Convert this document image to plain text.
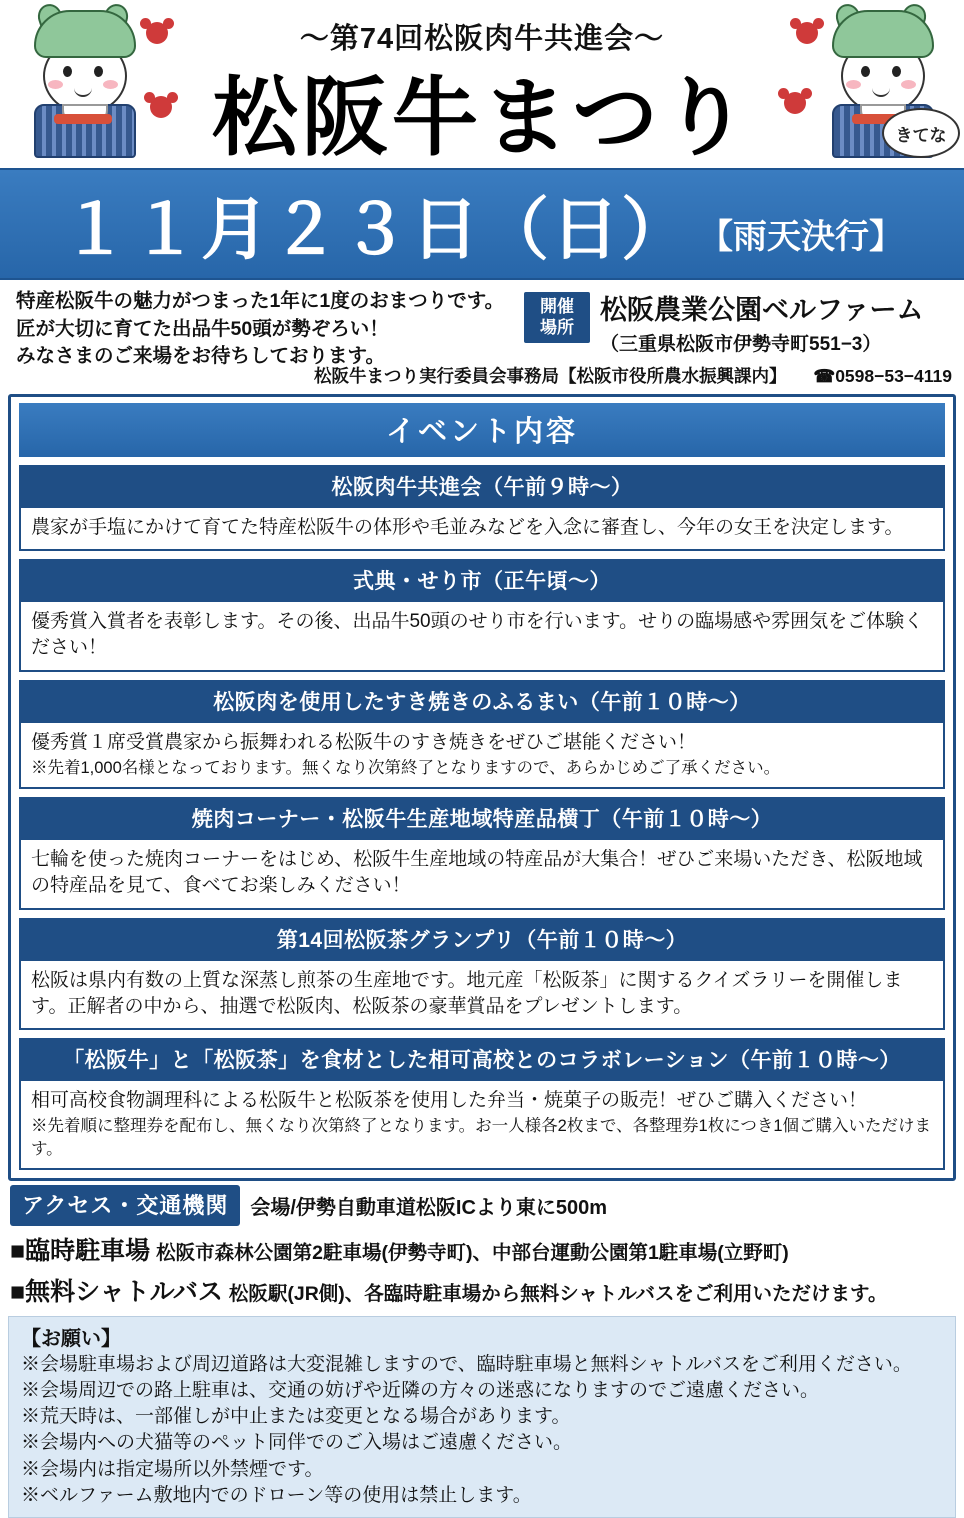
きてな
〜第74回松阪肉牛共進会〜
松阪牛まつり
１１月２３日（日） 【雨天決行】
特産松阪牛の魅力がつまった1年に1度のおまつりです。
匠が大切に育てた出品牛50頭が勢ぞろい！
みなさまのご来場をお待ちしております。
開催
場所
松阪農業公園ベルファーム
（三重県松阪市伊勢寺町551−3）
松阪牛まつり実行委員会事務局【松阪市役所農水振興課内】 ☎0598−53−4119
イベント内容
松阪肉牛共進会（午前９時〜）
農家が手塩にかけて育てた特産松阪牛の体形や毛並みなどを入念に審査し、今年の女王を決定します。
式典・せり市（正午頃〜）
優秀賞入賞者を表彰します。その後、出品牛50頭のせり市を行います。せりの臨場感や雰囲気をご体験ください！
松阪肉を使用したすき焼きのふるまい（午前１０時〜）
優秀賞１席受賞農家から振舞われる松阪牛のすき焼きをぜひご堪能ください！
※先着1,000名様となっております。無くなり次第終了となりますので、あらかじめご了承ください。
焼肉コーナー・松阪牛生産地域特産品横丁（午前１０時〜）
七輪を使った焼肉コーナーをはじめ、松阪牛生産地域の特産品が大集合！ぜひご来場いただき、松阪地域の特産品を見て、食べてお楽しみください！
第14回松阪茶グランプリ（午前１０時〜）
松阪は県内有数の上質な深蒸し煎茶の生産地です。地元産「松阪茶」に関するクイズラリーを開催します。正解者の中から、抽選で松阪肉、松阪茶の豪華賞品をプレゼントします。
「松阪牛」と「松阪茶」を食材とした相可高校とのコラボレーション（午前１０時〜）
相可高校食物調理科による松阪牛と松阪茶を使用した弁当・焼菓子の販売！ぜひご購入ください！
※先着順に整理券を配布し、無くなり次第終了となります。お一人様各2枚まで、各整理券1枚につき1個ご購入いただけます。
アクセス・交通機関	会場/伊勢自動車道松阪ICより東に500m
■臨時駐車場 松阪市森林公園第2駐車場(伊勢寺町)、中部台運動公園第1駐車場(立野町)
■無料シャトルバス 松阪駅(JR側)、各臨時駐車場から無料シャトルバスをご利用いただけます。
【お願い】
※会場駐車場および周辺道路は大変混雑しますので、臨時駐車場と無料シャトルバスをご利用ください。
※会場周辺での路上駐車は、交通の妨げや近隣の方々の迷惑になりますのでご遠慮ください。
※荒天時は、一部催しが中止または変更となる場合があります。
※会場内への犬猫等のペット同伴でのご入場はご遠慮ください。
※会場内は指定場所以外禁煙です。
※ベルファーム敷地内でのドローン等の使用は禁止します。
